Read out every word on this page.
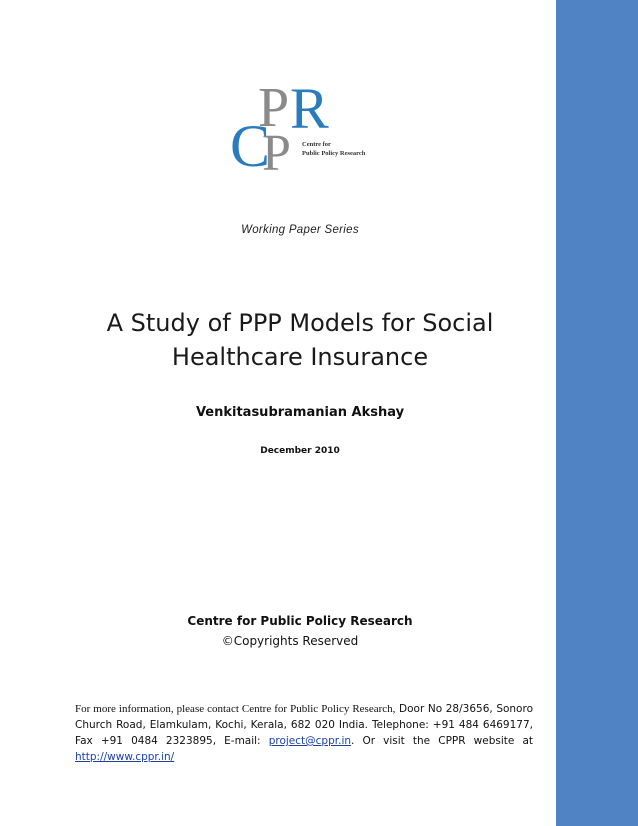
P R
C
P Centre for
Public Policy Research
Working Paper Series
A Study of PPP Models for Social
Healthcare Insurance
Venkitasubramanian Akshay
December 2010
Centre for Public Policy Research
©Copyrights Reserved
For more information, please contact Centre for Public Policy Research, Door No 28/3656, Sonoro Church Road, Elamkulam, Kochi, Kerala, 682 020 India. Telephone: +91 484 6469177, Fax +91 0484 2323895, E-mail: project@cppr.in. Or visit the CPPR website at http://www.cppr.in/
